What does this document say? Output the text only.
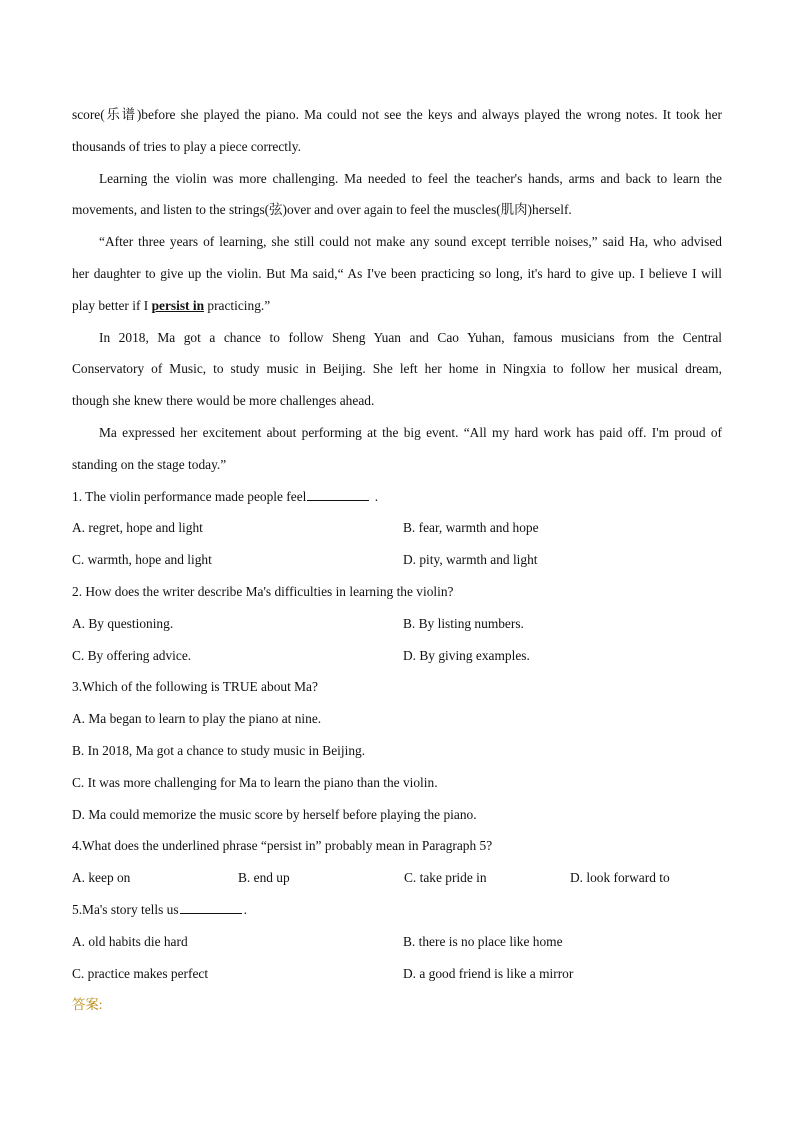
score(乐谱)before she played the piano. Ma could not see the keys and always played the wrong notes. It took her
thousands of tries to play a piece correctly.
Learning the violin was more challenging. Ma needed to feel the teacher's hands, arms and back to learn the
movements, and listen to the strings(弦)over and over again to feel the muscles(肌肉)herself.
“After three years of learning, she still could not make any sound except terrible noises,” said Ha, who advised
her daughter to give up the violin. But Ma said,“ As I've been practicing so long, it's hard to give up. I believe I will
play better if I persist in practicing.”
In 2018, Ma got a chance to follow Sheng Yuan and Cao Yuhan, famous musicians from the Central
Conservatory of Music, to study music in Beijing. She left her home in Ningxia to follow her musical dream,
though she knew there would be more challenges ahead.
Ma expressed her excitement about performing at the big event. “All my hard work has paid off. I'm proud of
standing on the stage today.”
1. The violin performance made people feel	.
A. regret, hope and light	B. fear, warmth and hope
C. warmth, hope and light	D. pity, warmth and light
2. How does the writer describe Ma's difficulties in learning the violin?
A. By questioning.	B. By listing numbers.
C. By offering advice.	D. By giving examples.
3.Which of the following is TRUE about Ma?
A. Ma began to learn to play the piano at nine.
B. In 2018, Ma got a chance to study music in Beijing.
C. It was more challenging for Ma to learn the piano than the violin.
D. Ma could memorize the music score by herself before playing the piano.
4.What does the underlined phrase “persist in” probably mean in Paragraph 5?
A. keep on	B. end up	C. take pride in	D. look forward to
5.Ma's story tells us	.
A. old habits die hard	B. there is no place like home
C. practice makes perfect	D. a good friend is like a mirror
答案:
